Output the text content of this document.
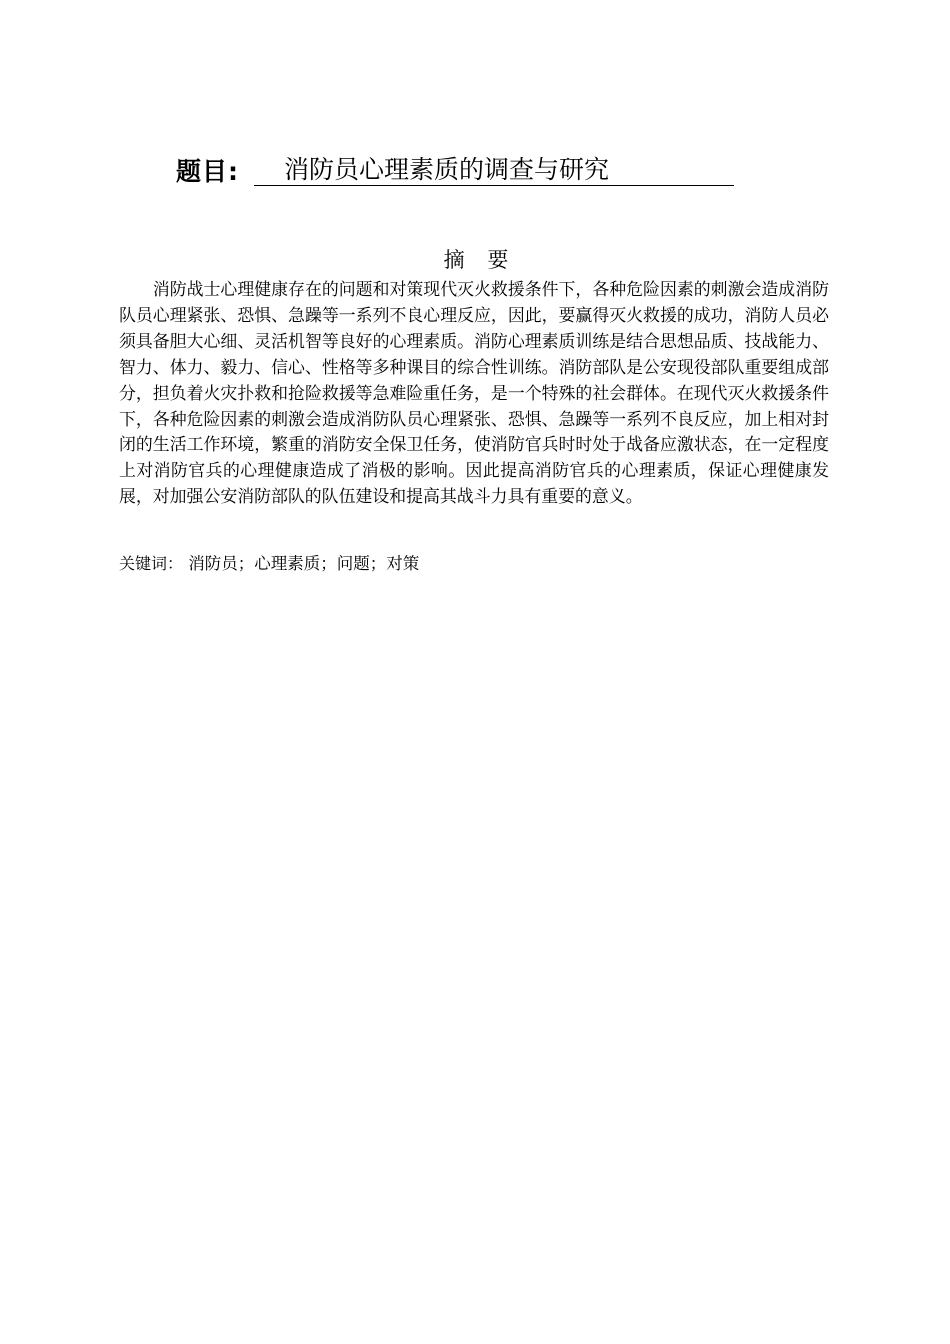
题目:	消防员心理素质的调查与研究
摘 要

消防战士心理健康存在的问题和对策现代灭火救援条件下，各种危险因素的刺激会造成消防队员心理紧张、恐惧、急躁等一系列不良心理反应，因此，要赢得灭火救援的成功，消防人员必须具备胆大心细、灵活机智等良好的心理素质。消防心理素质训练是结合思想品质、技战能力、智力、体力、毅力、信心、性格等多种课目的综合性训练。消防部队是公安现役部队重要组成部分，担负着火灾扑救和抢险救援等急难险重任务，是一个特殊的社会群体。在现代灭火救援条件下，各种危险因素的刺激会造成消防队员心理紧张、恐惧、急躁等一系列不良反应，加上相对封闭的生活工作环境，繁重的消防安全保卫任务，使消防官兵时时处于战备应激状态，在一定程度上对消防官兵的心理健康造成了消极的影响。因此提高消防官兵的心理素质，保证心理健康发展，对加强公安消防部队的队伍建设和提高其战斗力具有重要的意义。

关键词： 消防员；心理素质；问题；对策
